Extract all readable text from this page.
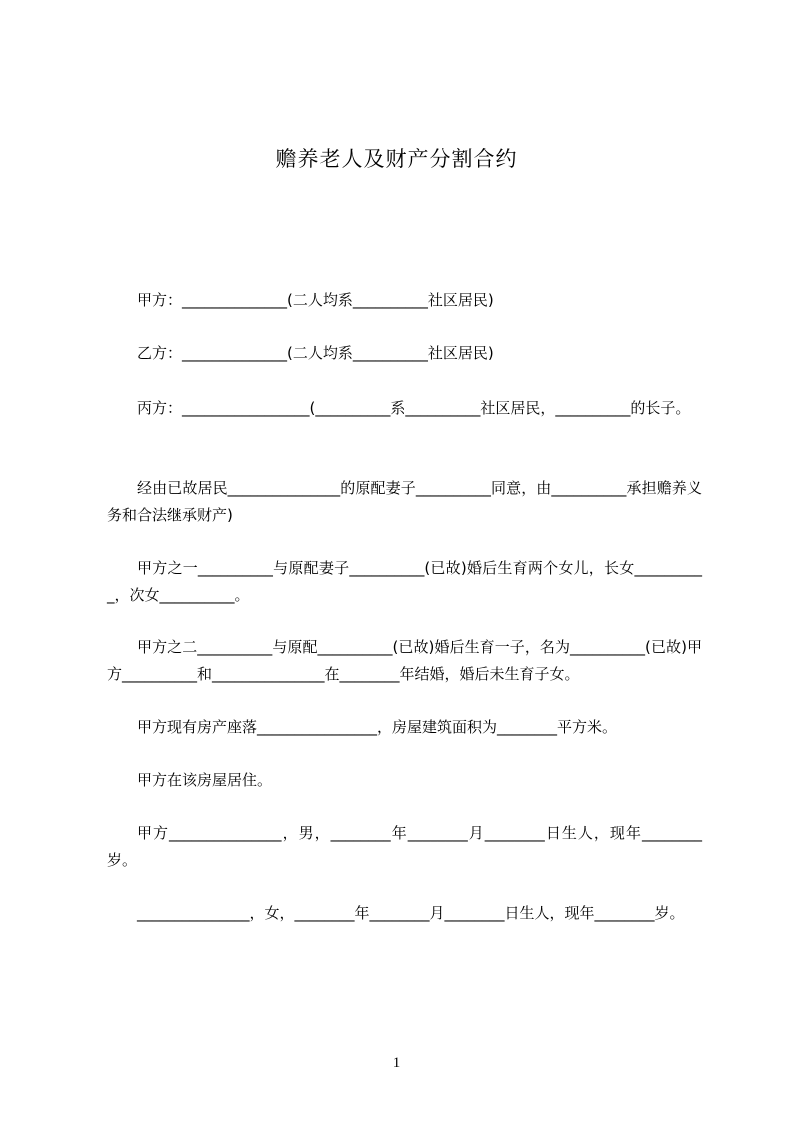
赡养老人及财产分割合约
甲方：______________(二人均系__________社区居民)
乙方：______________(二人均系__________社区居民)
丙方：_________________(__________系__________社区居民，__________的长子。
经由已故居民_______________的原配妻子__________同意，由__________承担赡养义务和合法继承财产)
甲方之一__________与原配妻子__________(已故)婚后生育两个女儿，长女__________，次女__________。
甲方之二__________与原配__________(已故)婚后生育一子，名为__________(已故)甲方__________和_______________在________年结婚，婚后未生育子女。
甲方现有房产座落________________，房屋建筑面积为________平方米。
甲方在该房屋居住。
甲方_______________，男，________年________月________日生人，现年________岁。
_______________，女，________年________月________日生人，现年________岁。
1
